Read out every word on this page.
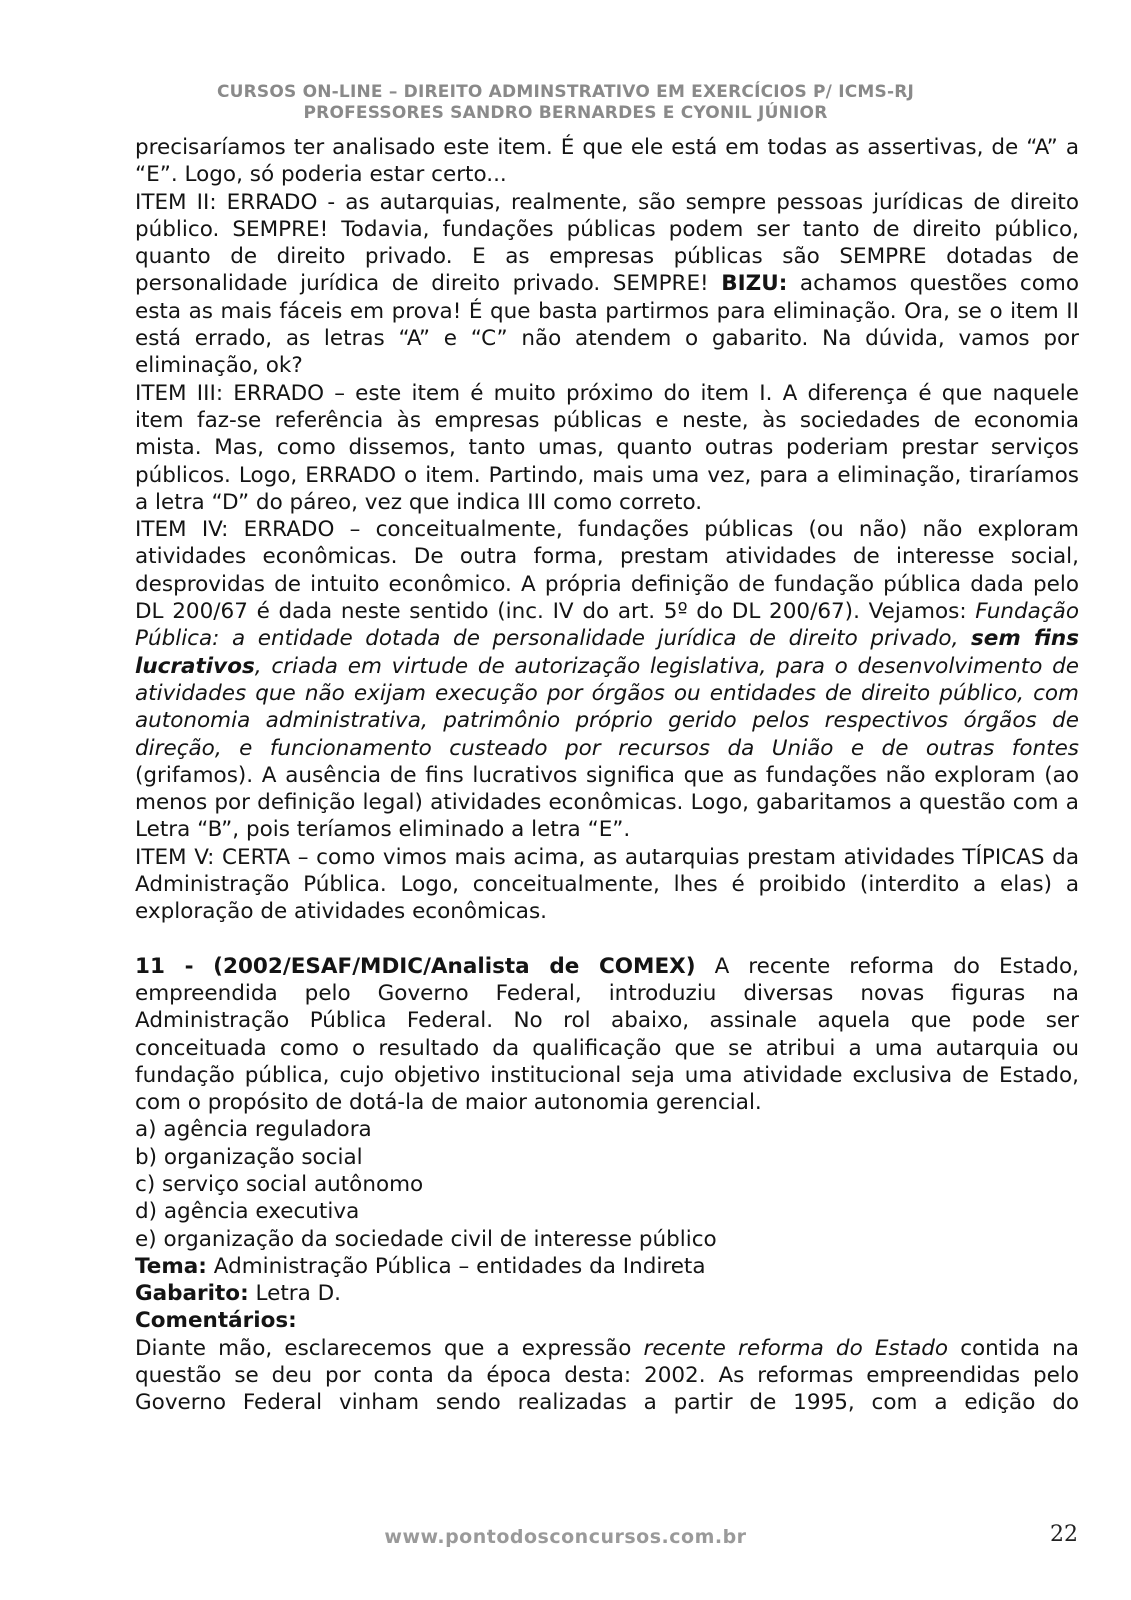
CURSOS ON-LINE – DIREITO ADMINSTRATIVO EM EXERCÍCIOS P/ ICMS-RJ
PROFESSORES SANDRO BERNARDES E CYONIL JÚNIOR

precisaríamos ter analisado este item. É que ele está em todas as assertivas, de “A” a “E”. Logo, só poderia estar certo...

ITEM II: ERRADO - as autarquias, realmente, são sempre pessoas jurídicas de direito público. SEMPRE! Todavia, fundações públicas podem ser tanto de direito público, quanto de direito privado. E as empresas públicas são SEMPRE dotadas de personalidade jurídica de direito privado. SEMPRE! BIZU: achamos questões como esta as mais fáceis em prova! É que basta partirmos para eliminação. Ora, se o item II está errado, as letras “A” e “C” não atendem o gabarito. Na dúvida, vamos por eliminação, ok?

ITEM III: ERRADO – este item é muito próximo do item I. A diferença é que naquele item faz-se referência às empresas públicas e neste, às sociedades de economia mista. Mas, como dissemos, tanto umas, quanto outras poderiam prestar serviços públicos. Logo, ERRADO o item. Partindo, mais uma vez, para a eliminação, tiraríamos a letra “D” do páreo, vez que indica III como correto.

ITEM IV: ERRADO – conceitualmente, fundações públicas (ou não) não exploram atividades econômicas. De outra forma, prestam atividades de interesse social, desprovidas de intuito econômico. A própria definição de fundação pública dada pelo DL 200/67 é dada neste sentido (inc. IV do art. 5º do DL 200/67). Vejamos: Fundação Pública: a entidade dotada de personalidade jurídica de direito privado, sem fins lucrativos, criada em virtude de autorização legislativa, para o desenvolvimento de atividades que não exijam execução por órgãos ou entidades de direito público, com autonomia administrativa, patrimônio próprio gerido pelos respectivos órgãos de direção, e funcionamento custeado por recursos da União e de outras fontes (grifamos). A ausência de fins lucrativos significa que as fundações não exploram (ao menos por definição legal) atividades econômicas. Logo, gabaritamos a questão com a Letra “B”, pois teríamos eliminado a letra “E”.

ITEM V: CERTA – como vimos mais acima, as autarquias prestam atividades TÍPICAS da Administração Pública. Logo, conceitualmente, lhes é proibido (interdito a elas) a exploração de atividades econômicas.

11 - (2002/ESAF/MDIC/Analista de COMEX) A recente reforma do Estado, empreendida pelo Governo Federal, introduziu diversas novas figuras na Administração Pública Federal. No rol abaixo, assinale aquela que pode ser conceituada como o resultado da qualificação que se atribui a uma autarquia ou fundação pública, cujo objetivo institucional seja uma atividade exclusiva de Estado, com o propósito de dotá-la de maior autonomia gerencial.

a) agência reguladora

b) organização social

c) serviço social autônomo

d) agência executiva

e) organização da sociedade civil de interesse público

Tema: Administração Pública – entidades da Indireta

Gabarito: Letra D.

Comentários:

Diante mão, esclarecemos que a expressão recente reforma do Estado contida na questão se deu por conta da época desta: 2002. As reformas empreendidas pelo Governo Federal vinham sendo realizadas a partir de 1995, com a edição do

www.pontodosconcursos.com.br	22
